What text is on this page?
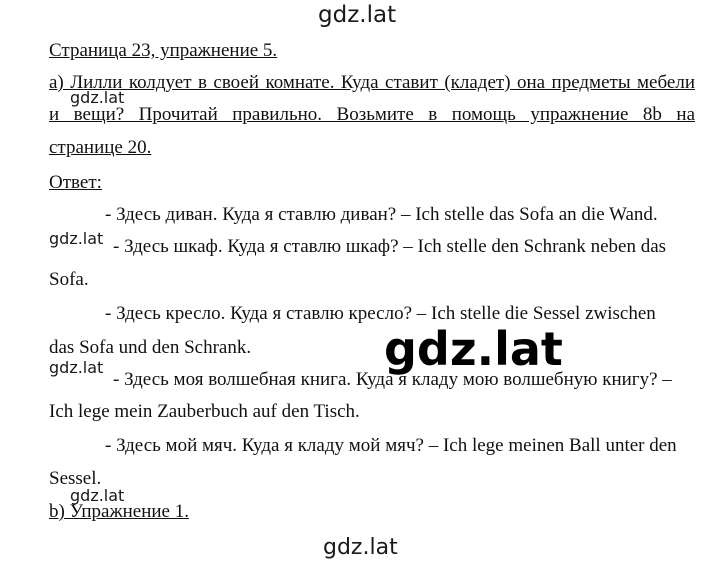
gdz.lat
Страница 23, упражнение 5.
а) Лилли колдует в своей комнате. Куда ставит (кладет) она предметы мебели
gdz.lat
и вещи? Прочитай правильно. Возьмите в помощь упражнение 8b на
странице 20.
Ответ:
- Здесь диван. Куда я ставлю диван? – Ich stelle das Sofa an die Wand.
gdz.lat - Здесь шкаф. Куда я ставлю шкаф? – Ich stelle den Schrank neben das
Sofa.
- Здесь кресло. Куда я ставлю кресло? – Ich stelle die Sessel zwischen
das Sofa und den Schrank.
gdz.lat
- Здесь моя волшебная книга. Куда я кладу мою волшебную книгу? –
Ich lege mein Zauberbuch auf den Tisch.
- Здесь мой мяч. Куда я кладу мой мяч? – Ich lege meinen Ball unter den
Sessel.
gdz.lat
b) Упражнение 1.
gdz.lat
gdz.lat
